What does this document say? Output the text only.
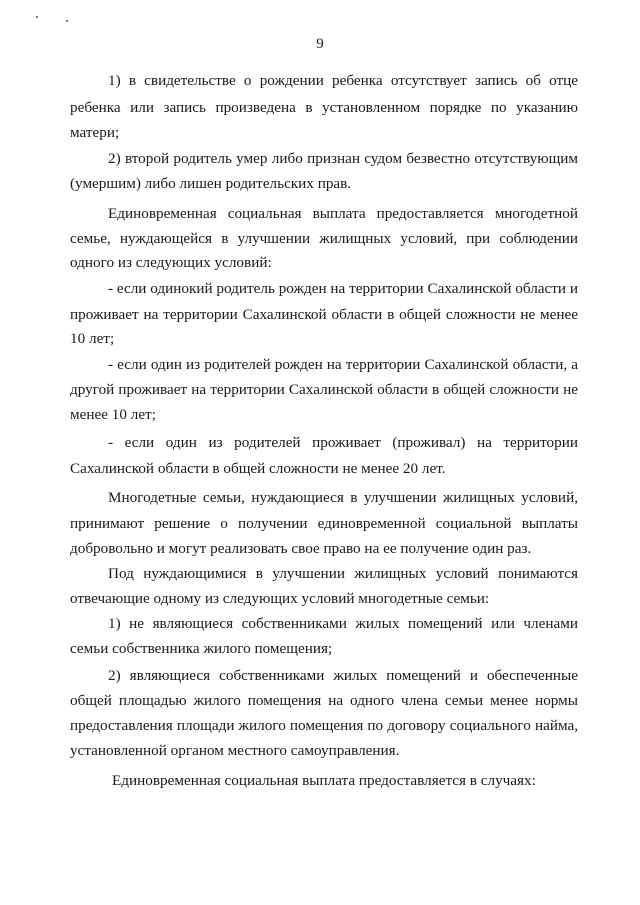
9
1) в свидетельстве о рождении ребенка отсутствует запись об отце
ребенка или запись произведена в установленном порядке по указанию
матери;
2) второй родитель умер либо признан судом безвестно отсутствующим
(умершим) либо лишен родительских прав.
Единовременная социальная выплата предоставляется многодетной
семье, нуждающейся в улучшении жилищных условий, при соблюдении
одного из следующих условий:
- если одинокий родитель рожден на территории Сахалинской области и
проживает на территории Сахалинской области в общей сложности не менее
10 лет;
- если один из родителей рожден на территории Сахалинской области, а
другой проживает на территории Сахалинской области в общей сложности не
менее 10 лет;
- если один из родителей проживает (проживал) на территории
Сахалинской области в общей сложности не менее 20 лет.
Многодетные семьи, нуждающиеся в улучшении жилищных условий,
принимают решение о получении единовременной социальной выплаты
добровольно и могут реализовать свое право на ее получение один раз.
Под нуждающимися в улучшении жилищных условий понимаются
отвечающие одному из следующих условий многодетные семьи:
1) не являющиеся собственниками жилых помещений или членами
семьи собственника жилого помещения;
2) являющиеся собственниками жилых помещений и обеспеченные
общей площадью жилого помещения на одного члена семьи менее нормы
предоставления площади жилого помещения по договору социального найма,
установленной органом местного самоуправления.
Единовременная социальная выплата предоставляется в случаях:
